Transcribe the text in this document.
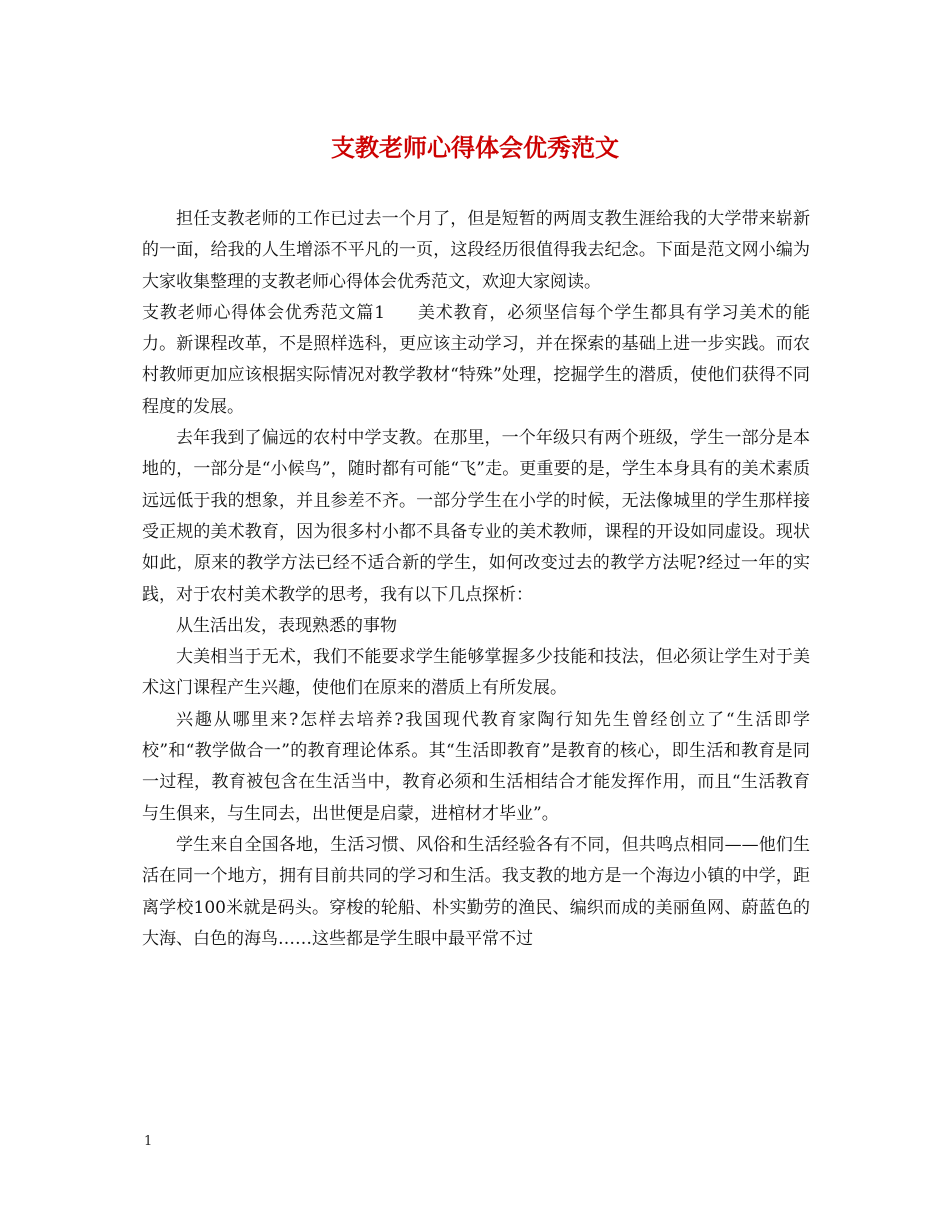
支教老师心得体会优秀范文

担任支教老师的工作已过去一个月了，但是短暂的两周支教生涯给我的大学带来崭新的一面，给我的人生增添不平凡的一页，这段经历很值得我去纪念。下面是范文网小编为大家收集整理的支教老师心得体会优秀范文，欢迎大家阅读。

支教老师心得体会优秀范文篇1 美术教育，必须坚信每个学生都具有学习美术的能力。新课程改革，不是照样选科，更应该主动学习，并在探索的基础上进一步实践。而农村教师更加应该根据实际情况对教学教材“特殊”处理，挖掘学生的潜质，使他们获得不同程度的发展。

去年我到了偏远的农村中学支教。在那里，一个年级只有两个班级，学生一部分是本地的，一部分是“小候鸟”，随时都有可能“飞”走。更重要的是，学生本身具有的美术素质远远低于我的想象，并且参差不齐。一部分学生在小学的时候，无法像城里的学生那样接受正规的美术教育，因为很多村小都不具备专业的美术教师，课程的开设如同虚设。现状如此，原来的教学方法已经不适合新的学生，如何改变过去的教学方法呢?经过一年的实践，对于农村美术教学的思考，我有以下几点探析：

从生活出发，表现熟悉的事物

大美相当于无术，我们不能要求学生能够掌握多少技能和技法，但必须让学生对于美术这门课程产生兴趣，使他们在原来的潜质上有所发展。

兴趣从哪里来?怎样去培养?我国现代教育家陶行知先生曾经创立了“生活即学校”和“教学做合一”的教育理论体系。其“生活即教育”是教育的核心，即生活和教育是同一过程，教育被包含在生活当中，教育必须和生活相结合才能发挥作用，而且“生活教育与生俱来，与生同去，出世便是启蒙，进棺材才毕业”。

学生来自全国各地，生活习惯、风俗和生活经验各有不同，但共鸣点相同——他们生活在同一个地方，拥有目前共同的学习和生活。我支教的地方是一个海边小镇的中学，距离学校100米就是码头。穿梭的轮船、朴实勤劳的渔民、编织而成的美丽鱼网、蔚蓝色的大海、白色的海鸟……这些都是学生眼中最平常不过

1
